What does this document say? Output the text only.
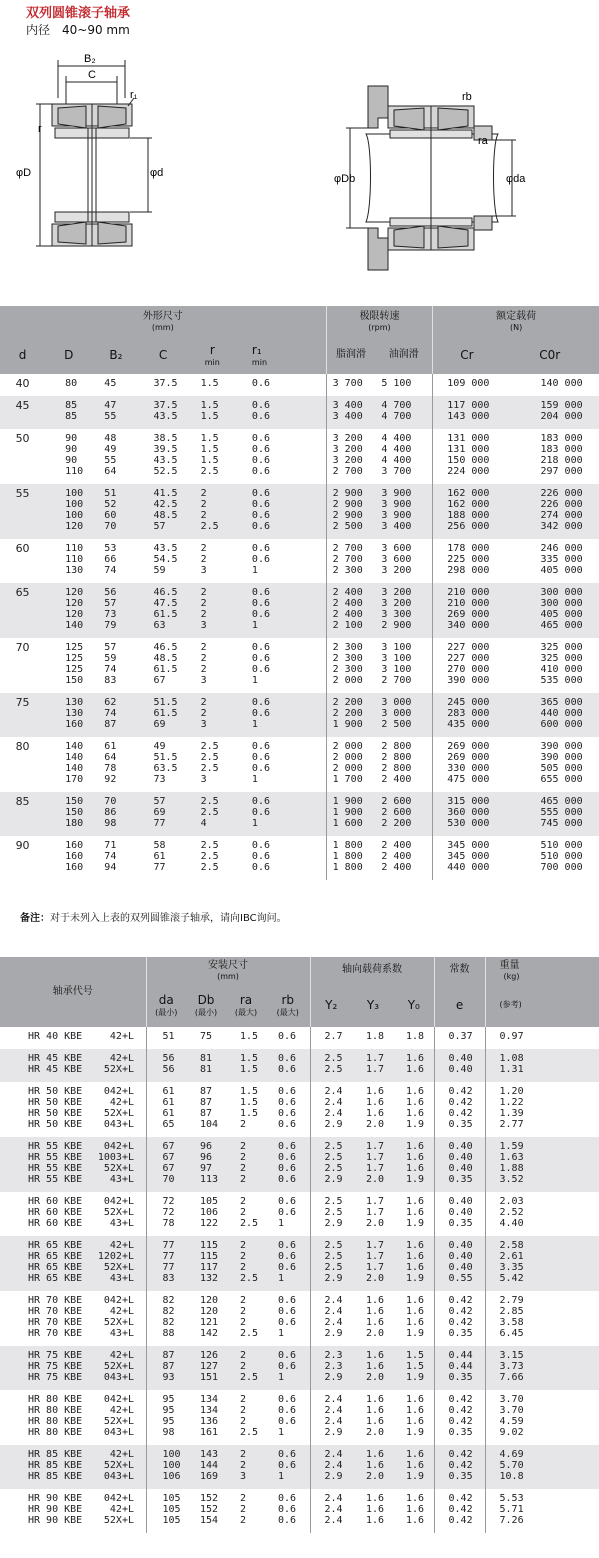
双列圆锥滚子轴承
内径　40~90 mm
B₂
C
r₁
r
φD	φd
rb
ra
φDb	φda
外形尺寸
(mm)						极限转速
(rpm)		额定载荷
(N)	

d	D	B₂	C	r
min	r₁
min	脂润滑	油润滑	Cr	C0r
40	80	45	37.5	1.5	0.6	3 700	5 100	109 000	140 000
45	85	47	37.5	1.5	0.6	3 400	4 700	117 000	159 000
	85	55	43.5	1.5	0.6	3 400	4 700	143 000	204 000
50	90	48	38.5	1.5	0.6	3 200	4 400	131 000	183 000
	90	49	39.5	1.5	0.6	3 200	4 400	131 000	183 000
	90	55	43.5	1.5	0.6	3 200	4 400	150 000	218 000
	110	64	52.5	2.5	0.6	2 700	3 700	224 000	297 000
55	100	51	41.5	2	0.6	2 900	3 900	162 000	226 000
	100	52	42.5	2	0.6	2 900	3 900	162 000	226 000
	100	60	48.5	2	0.6	2 900	3 900	188 000	274 000
	120	70	57	2.5	0.6	2 500	3 400	256 000	342 000
60	110	53	43.5	2	0.6	2 700	3 600	178 000	246 000
	110	66	54.5	2	0.6	2 700	3 600	225 000	335 000
	130	74	59	3	1	2 300	3 200	298 000	405 000
65	120	56	46.5	2	0.6	2 400	3 200	210 000	300 000
	120	57	47.5	2	0.6	2 400	3 200	210 000	300 000
	120	73	61.5	2	0.6	2 400	3 300	269 000	405 000
	140	79	63	3	1	2 100	2 900	340 000	465 000
70	125	57	46.5	2	0.6	2 300	3 100	227 000	325 000
	125	59	48.5	2	0.6	2 300	3 100	227 000	325 000
	125	74	61.5	2	0.6	2 300	3 100	270 000	410 000
	150	83	67	3	1	2 000	2 700	390 000	535 000
75	130	62	51.5	2	0.6	2 200	3 000	245 000	365 000
	130	74	61.5	2	0.6	2 200	3 000	283 000	440 000
	160	87	69	3	1	1 900	2 500	435 000	600 000
80	140	61	49	2.5	0.6	2 000	2 800	269 000	390 000
	140	64	51.5	2.5	0.6	2 000	2 800	269 000	390 000
	140	78	63.5	2.5	0.6	2 000	2 800	330 000	505 000
	170	92	73	3	1	1 700	2 400	475 000	655 000
85	150	70	57	2.5	0.6	1 900	2 600	315 000	465 000
	150	86	69	2.5	0.6	1 900	2 600	360 000	555 000
	180	98	77	4	1	1 600	2 200	530 000	745 000
90	160	71	58	2.5	0.6	1 800	2 400	345 000	510 000
	160	74	61	2.5	0.6	1 800	2 400	345 000	510 000
	160	94	77	2.5	0.6	1 800	2 400	440 000	700 000
备注：对于未列入上表的双列圆锥滚子轴承，请向IBC询问。
轴承代号	安装尺寸
(mm)				轴向载荷系数			常数	重量
(kg)

	da
(最小)	Db
(最小)	ra
(最大)	rb
(最大)	Y₂	Y₃	Y₀	e	(参考)
HR 40 KBE 42+L	51	75	1.5	0.6	2.7	1.8	1.8	0.37	0.97
HR 45 KBE 42+L	56	81	1.5	0.6	2.5	1.7	1.6	0.40	1.08
HR 45 KBE 52X+L	56	81	1.5	0.6	2.5	1.7	1.6	0.40	1.31
HR 50 KBE 042+L	61	87	1.5	0.6	2.4	1.6	1.6	0.42	1.20
HR 50 KBE 42+L	61	87	1.5	0.6	2.4	1.6	1.6	0.42	1.22
HR 50 KBE 52X+L	61	87	1.5	0.6	2.4	1.6	1.6	0.42	1.39
HR 50 KBE 043+L	65	104	2	0.6	2.9	2.0	1.9	0.35	2.77
HR 55 KBE 042+L	67	96	2	0.6	2.5	1.7	1.6	0.40	1.59
HR 55 KBE 1003+L	67	96	2	0.6	2.5	1.7	1.6	0.40	1.63
HR 55 KBE 52X+L	67	97	2	0.6	2.5	1.7	1.6	0.40	1.88
HR 55 KBE 43+L	70	113	2	0.6	2.9	2.0	1.9	0.35	3.52
HR 60 KBE 042+L	72	105	2	0.6	2.5	1.7	1.6	0.40	2.03
HR 60 KBE 52X+L	72	106	2	0.6	2.5	1.7	1.6	0.40	2.52
HR 60 KBE 43+L	78	122	2.5	1	2.9	2.0	1.9	0.35	4.40
HR 65 KBE 42+L	77	115	2	0.6	2.5	1.7	1.6	0.40	2.58
HR 65 KBE 1202+L	77	115	2	0.6	2.5	1.7	1.6	0.40	2.61
HR 65 KBE 52X+L	77	117	2	0.6	2.5	1.7	1.6	0.40	3.35
HR 65 KBE 43+L	83	132	2.5	1	2.9	2.0	1.9	0.55	5.42
HR 70 KBE 042+L	82	120	2	0.6	2.4	1.6	1.6	0.42	2.79
HR 70 KBE 42+L	82	120	2	0.6	2.4	1.6	1.6	0.42	2.85
HR 70 KBE 52X+L	82	121	2	0.6	2.4	1.6	1.6	0.42	3.58
HR 70 KBE 43+L	88	142	2.5	1	2.9	2.0	1.9	0.35	6.45
HR 75 KBE 42+L	87	126	2	0.6	2.3	1.6	1.5	0.44	3.15
HR 75 KBE 52X+L	87	127	2	0.6	2.3	1.6	1.5	0.44	3.73
HR 75 KBE 043+L	93	151	2.5	1	2.9	2.0	1.9	0.35	7.66
HR 80 KBE 042+L	95	134	2	0.6	2.4	1.6	1.6	0.42	3.70
HR 80 KBE 42+L	95	134	2	0.6	2.4	1.6	1.6	0.42	3.70
HR 80 KBE 52X+L	95	136	2	0.6	2.4	1.6	1.6	0.42	4.59
HR 80 KBE 043+L	98	161	2.5	1	2.9	2.0	1.9	0.35	9.02
HR 85 KBE 42+L	100	143	2	0.6	2.4	1.6	1.6	0.42	4.69
HR 85 KBE 52X+L	100	144	2	0.6	2.4	1.6	1.6	0.42	5.70
HR 85 KBE 043+L	106	169	3	1	2.9	2.0	1.9	0.35	10.8
HR 90 KBE 042+L	105	152	2	0.6	2.4	1.6	1.6	0.42	5.53
HR 90 KBE 42+L	105	152	2	0.6	2.4	1.6	1.6	0.42	5.71
HR 90 KBE 52X+L	105	154	2	0.6	2.4	1.6	1.6	0.42	7.26
